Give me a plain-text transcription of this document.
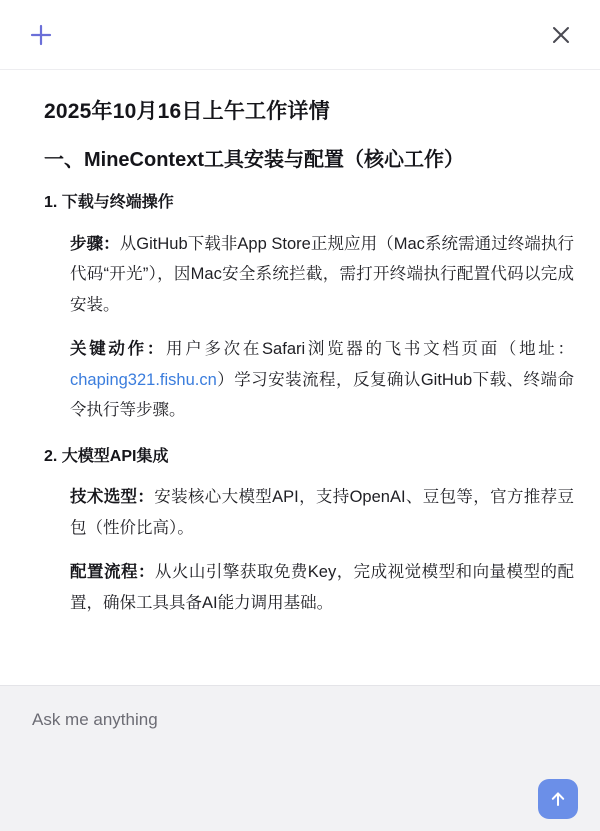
2025年10月16日上午工作详情
一、MineContext工具安装与配置（核心工作）
1. 下载与终端操作

步骤：从GitHub下载非App Store正规应用（Mac系统需通过终端执行代码“开光”），因Mac安全系统拦截，需打开终端执行配置代码以完成安装。

关键动作：用户多次在Safari浏览器的飞书文档页面（地址：chaping321.fishu.cn）学习安装流程，反复确认GitHub下载、终端命令执行等步骤。

2. 大模型API集成

技术选型：安装核心大模型API，支持OpenAI、豆包等，官方推荐豆包（性价比高）。

配置流程：从火山引擎获取免费Key，完成视觉模型和向量模型的配置，确保工具具备AI能力调用基础。

Ask me anything
